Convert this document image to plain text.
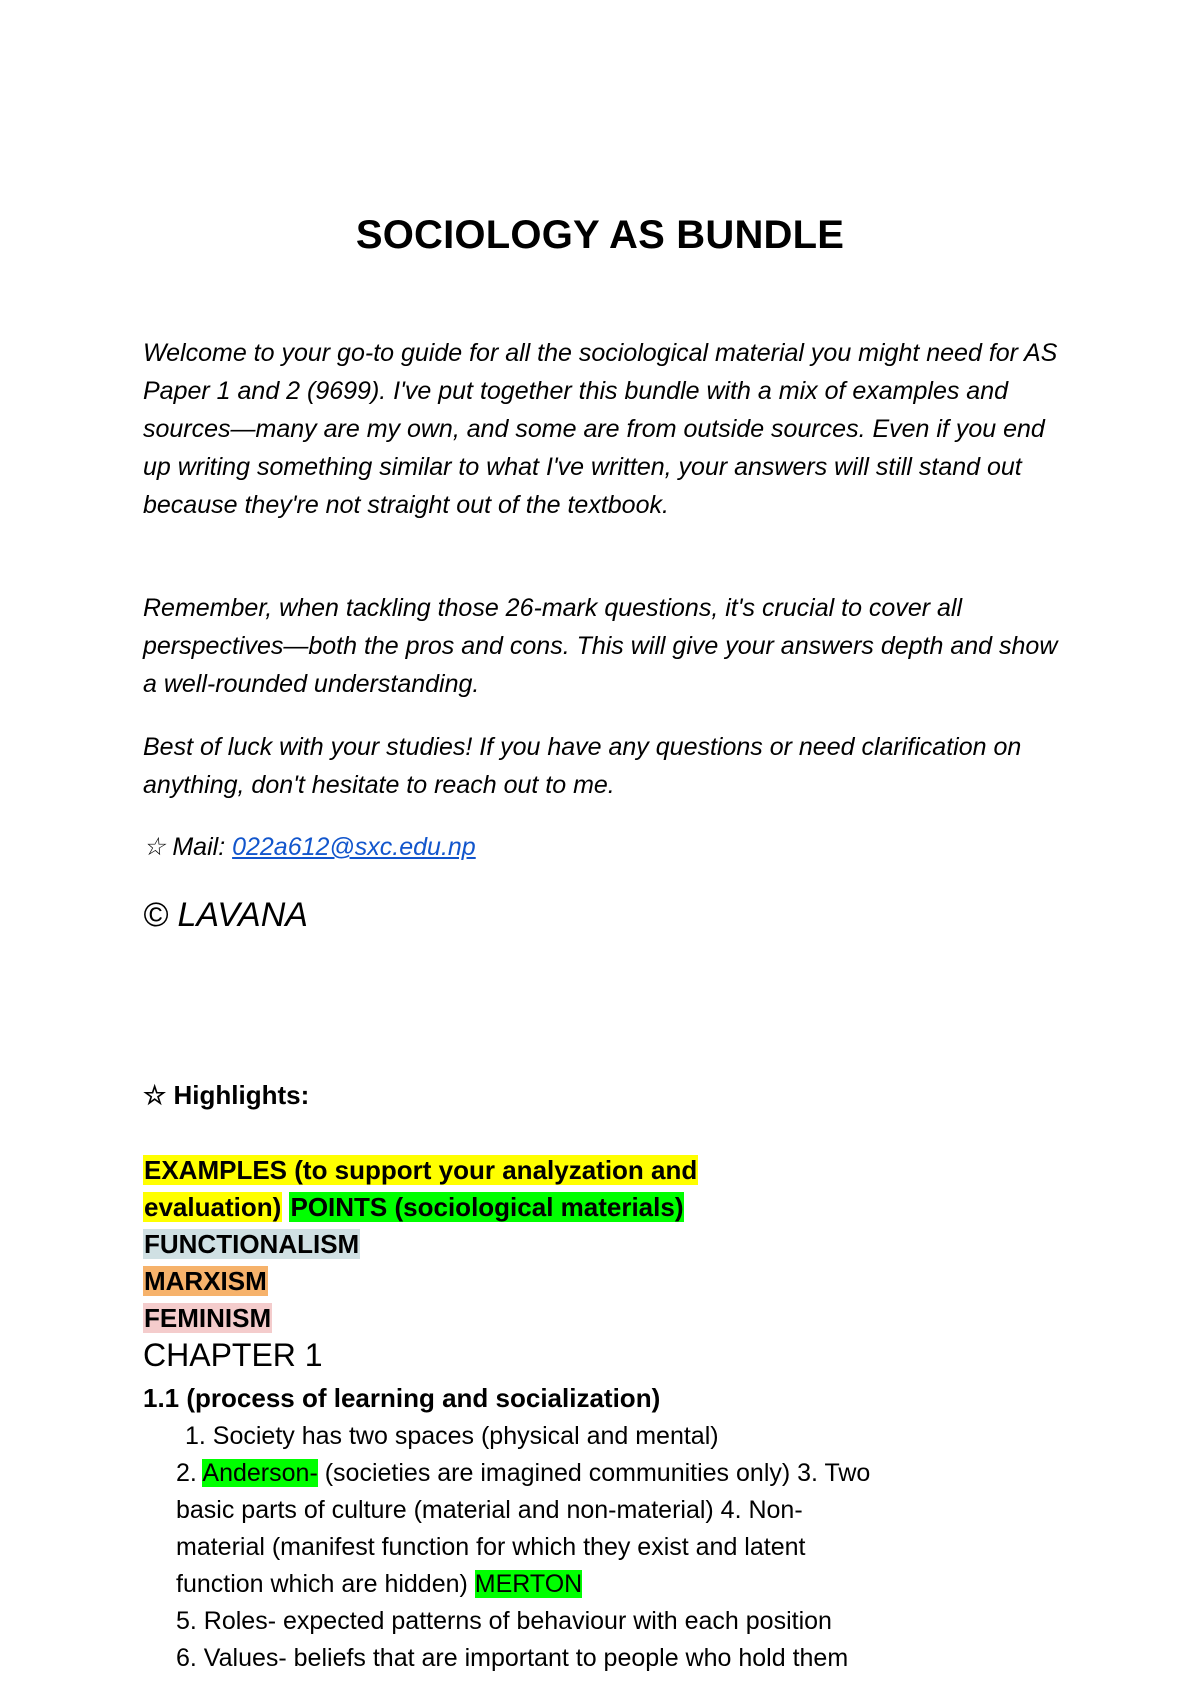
SOCIOLOGY AS BUNDLE

Welcome to your go-to guide for all the sociological material you might need for AS Paper 1 and 2 (9699). I've put together this bundle with a mix of examples and sources—many are my own, and some are from outside sources. Even if you end up writing something similar to what I've written, your answers will still stand out because they're not straight out of the textbook.

Remember, when tackling those 26-mark questions, it's crucial to cover all perspectives—both the pros and cons. This will give your answers depth and show a well-rounded understanding.

Best of luck with your studies! If you have any questions or need clarification on anything, don't hesitate to reach out to me.

☆ Mail: 022a612@sxc.edu.np

© LAVANA

☆ Highlights:

EXAMPLES (to support your analyzation and
evaluation) POINTS (sociological materials)
FUNCTIONALISM
MARXISM
FEMINISM
CHAPTER 1

1.1 (process of learning and socialization)

1. Society has two spaces (physical and mental)
2. Anderson- (societies are imagined communities only) 3. Two
basic parts of culture (material and non-material) 4. Non-
material (manifest function for which they exist and latent
function which are hidden) MERTON
5. Roles- expected patterns of behaviour with each position
6. Values- beliefs that are important to people who hold them
